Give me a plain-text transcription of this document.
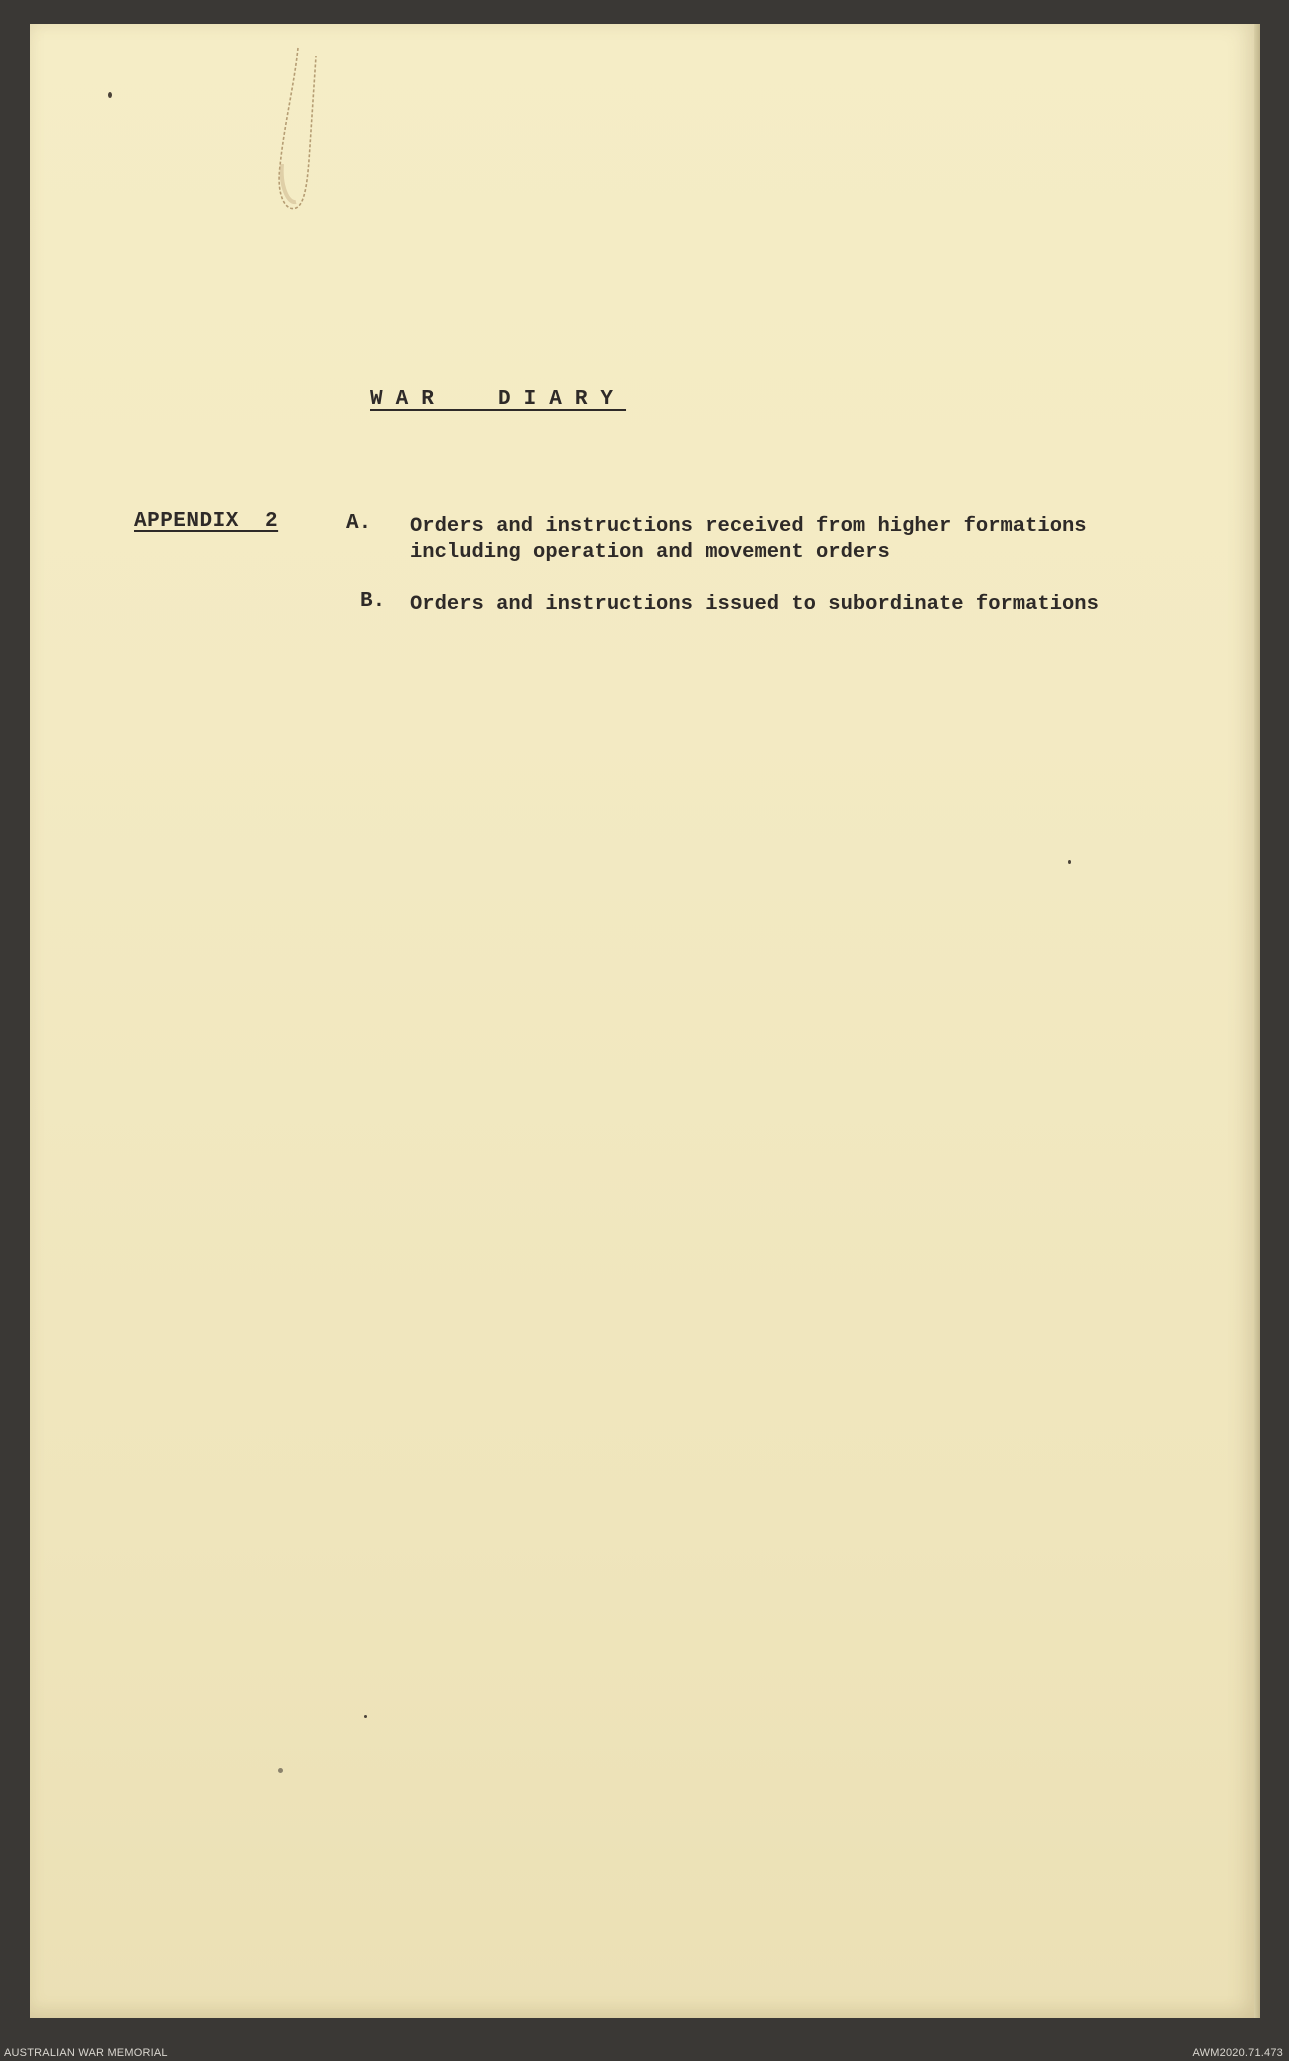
WAR  DIARY
APPENDIX  2	A. Orders and instructions received from higher formations
including operation and movement orders
B. Orders and instructions issued to subordinate formations
AUSTRALIAN WAR MEMORIAL	AWM2020.71.473
